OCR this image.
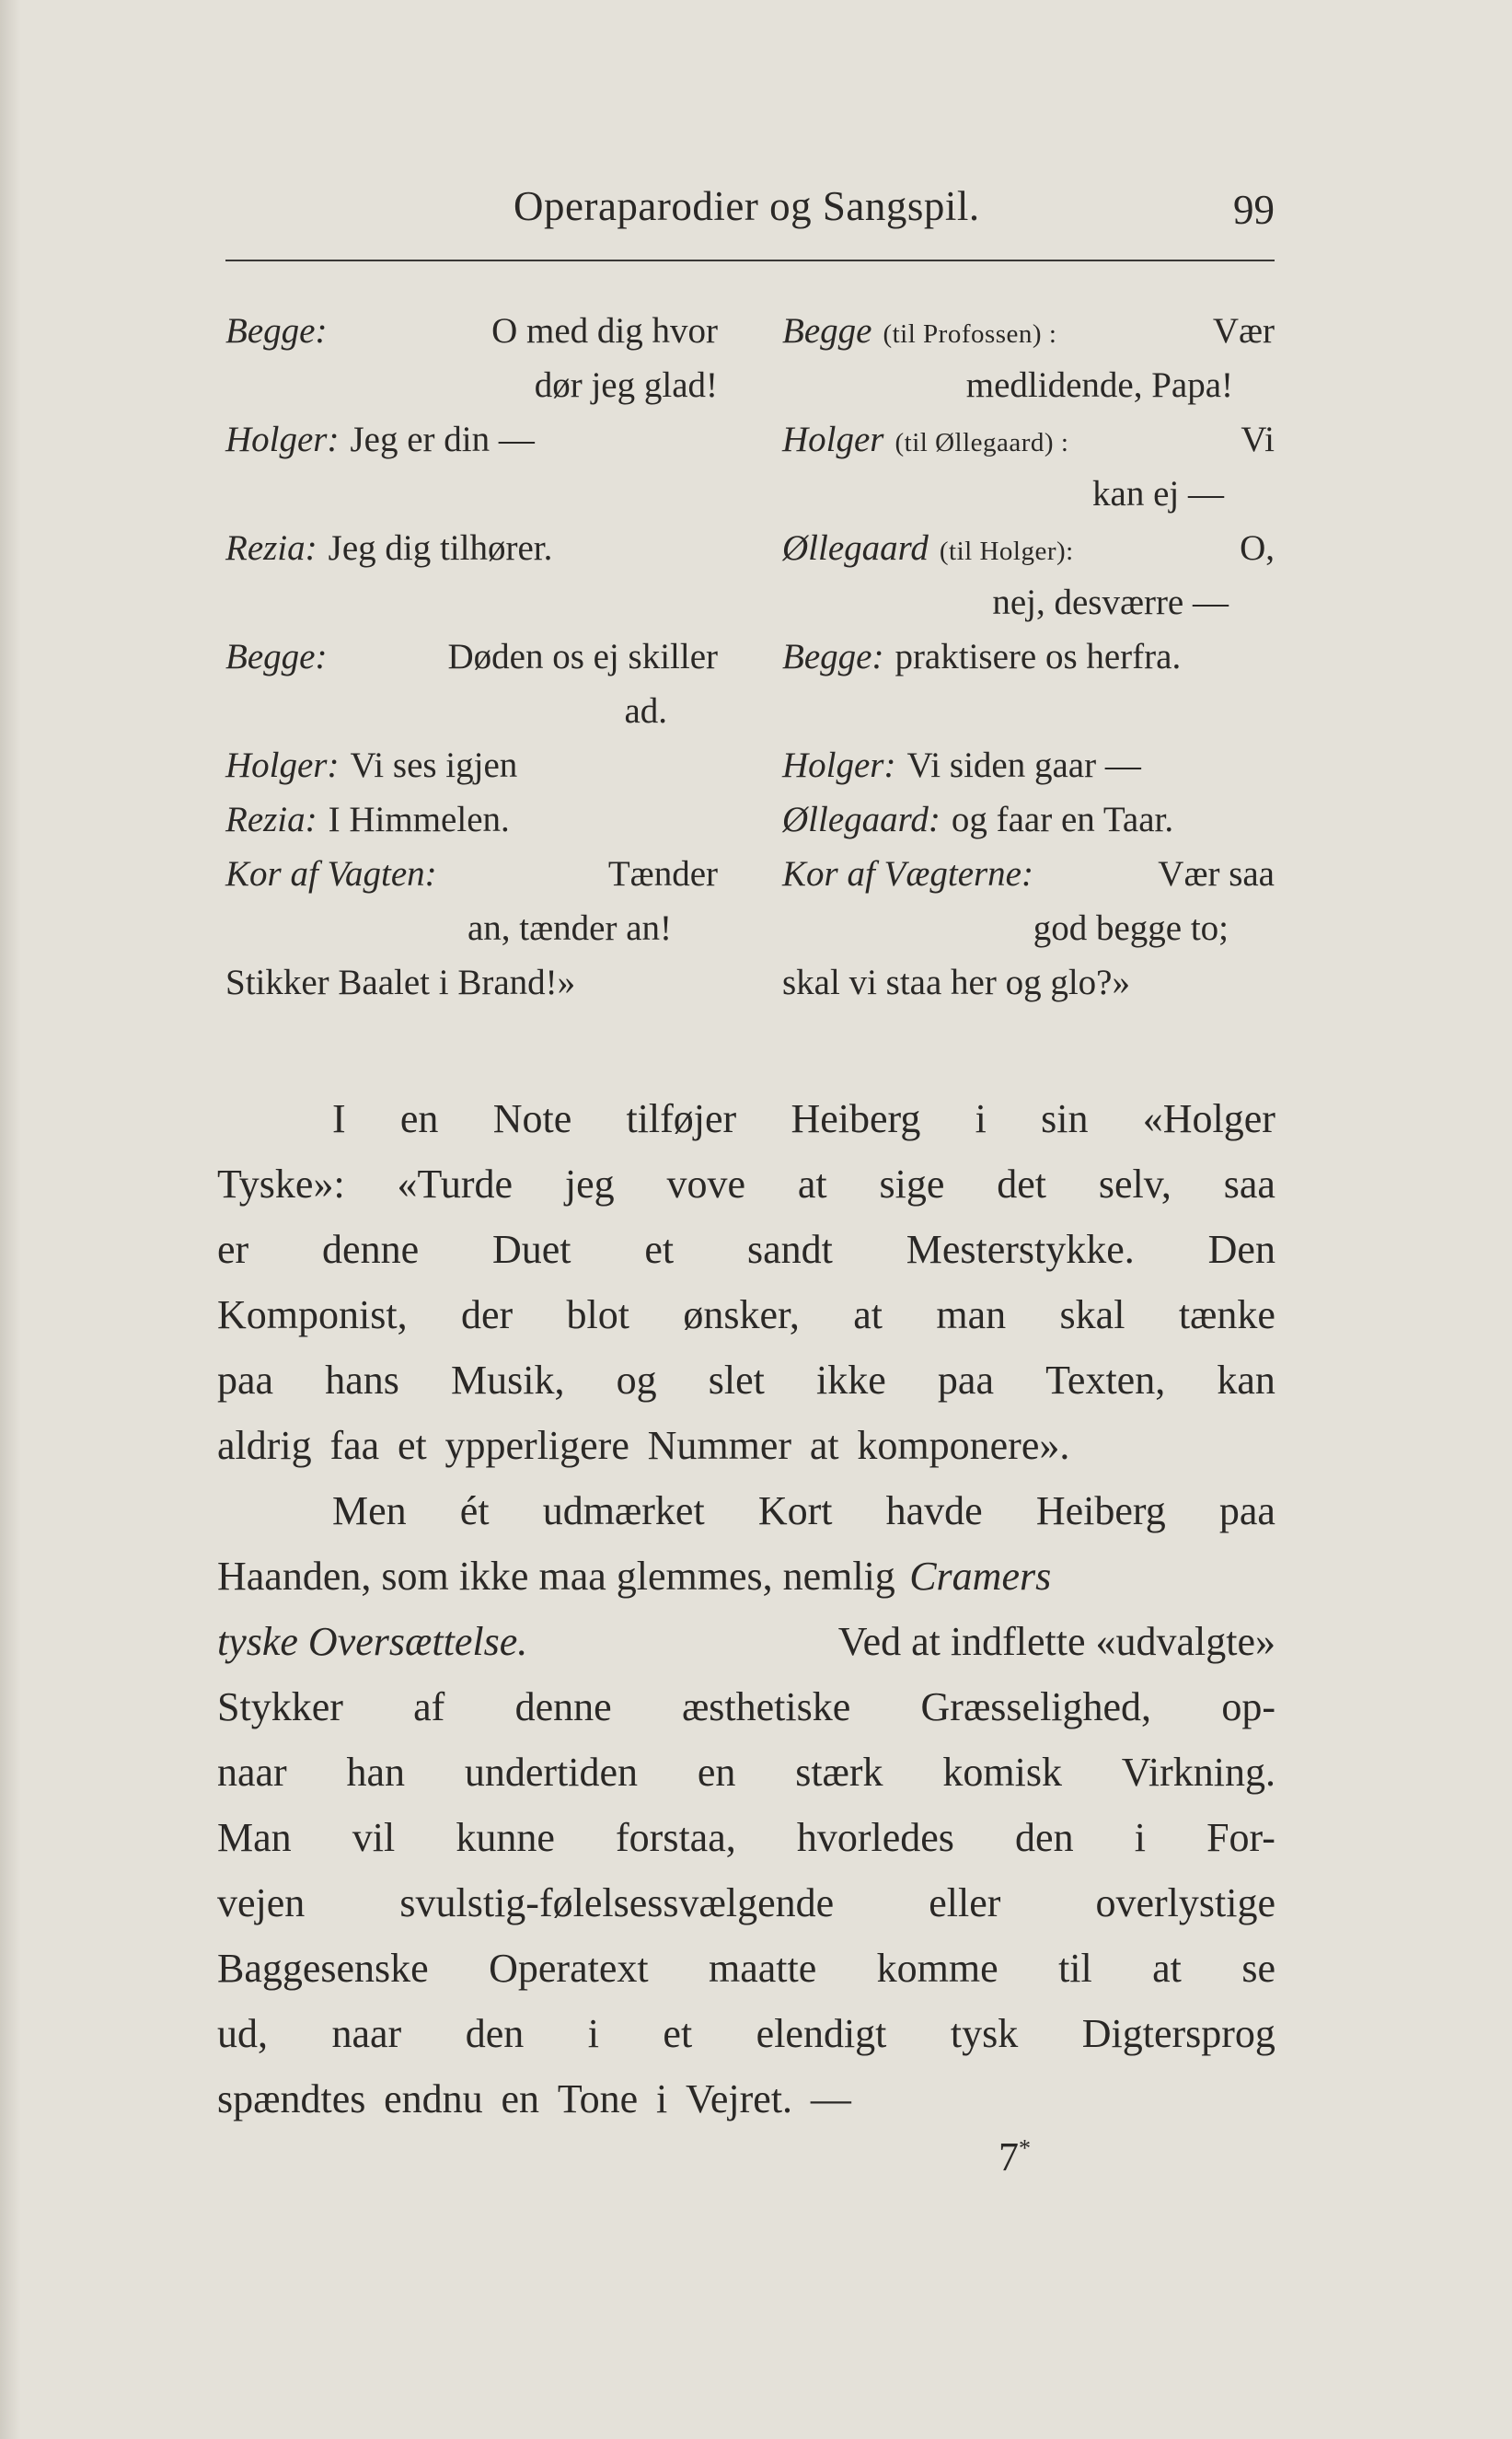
Operaparodier og Sangspil.	99
Begge:	O med dig hvor
dør jeg glad!
Holger: Jeg er din —
Rezia: Jeg dig tilhører.
Begge:	Døden os ej skiller
ad.
Holger: Vi ses igjen
Rezia: I Himmelen.
Kor af Vagten:	Tænder
an, tænder an!
Stikker Baalet i Brand!»
Begge (til Profossen) :	Vær
medlidende, Papa!
Holger (til Øllegaard) :	Vi
kan ej —
Øllegaard (til Holger):	O,
nej, desværre —
Begge: praktisere os herfra.
Holger: Vi siden gaar —
Øllegaard: og faar en Taar.
Kor af Vægterne:	Vær saa
god begge to;
skal vi staa her og glo?»
I en Note tilføjer Heiberg i sin «Holger
Tyske»: «Turde jeg vove at sige det selv, saa
er denne Duet et sandt Mesterstykke. Den
Komponist, der blot ønsker, at man skal tænke
paa hans Musik, og slet ikke paa Texten, kan
aldrig faa et ypperligere Nummer at komponere».
Men ét udmærket Kort havde Heiberg paa
Haanden, som ikke maa glemmes, nemlig Cramers
tyske Oversættelse.	Ved at indflette «udvalgte»
Stykker af denne æsthetiske Græsselighed, op-
naar han undertiden en stærk komisk Virkning.
Man vil kunne forstaa, hvorledes den i For-
vejen svulstig-følelsessvælgende eller overlystige
Baggesenske Operatext maatte komme til at se
ud, naar den i et elendigt tysk Digtersprog
spændtes endnu en Tone i Vejret. —
7*
